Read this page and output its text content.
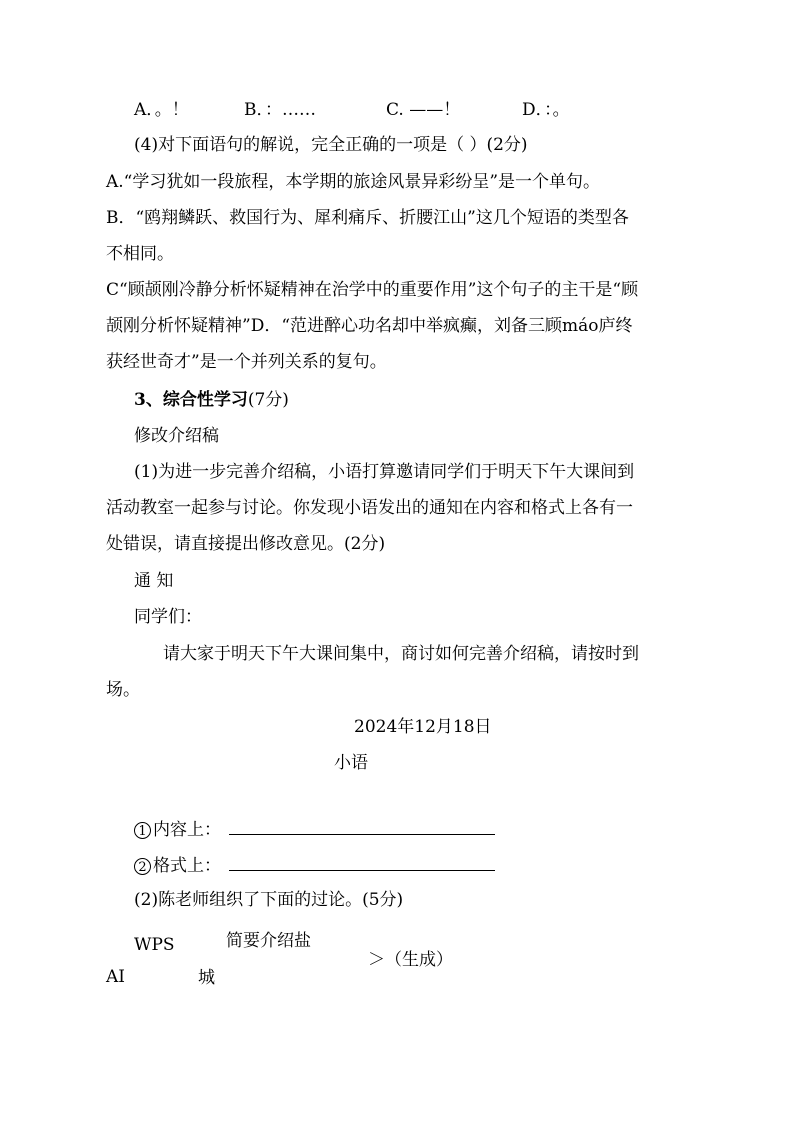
A．。！	B．：……	C. ——！	D．：。
(4)对下面语句的解说，完全正确的一项是（ ）(2分)
A.“学习犹如一段旅程，本学期的旅途风景异彩纷呈”是一个单句。
B．“鸥翔鳞跃、救国行为、犀利痛斥、折腰江山”这几个短语的类型各
不相同。
C“顾颉刚冷静分析怀疑精神在治学中的重要作用”这个句子的主干是“顾
颉刚分析怀疑精神”D．“范进醉心功名却中举疯癫，刘备三顾máo庐终
获经世奇才”是一个并列关系的复句。
3、综合性学习(7分)
修改介绍稿
(1)为进一步完善介绍稿，小语打算邀请同学们于明天下午大课间到
活动教室一起参与讨论。你发现小语发出的通知在内容和格式上各有一
处错误，请直接提出修改意见。(2分)
通 知
同学们：
请大家于明天下午大课间集中，商讨如何完善介绍稿，请按时到
场。
2024年12月18日
小语
1 内容上：
2 格式上：
(2)陈老师组织了下面的过论。(5分)
WPS
AI
简要介绍盐
城
＞（生成）
